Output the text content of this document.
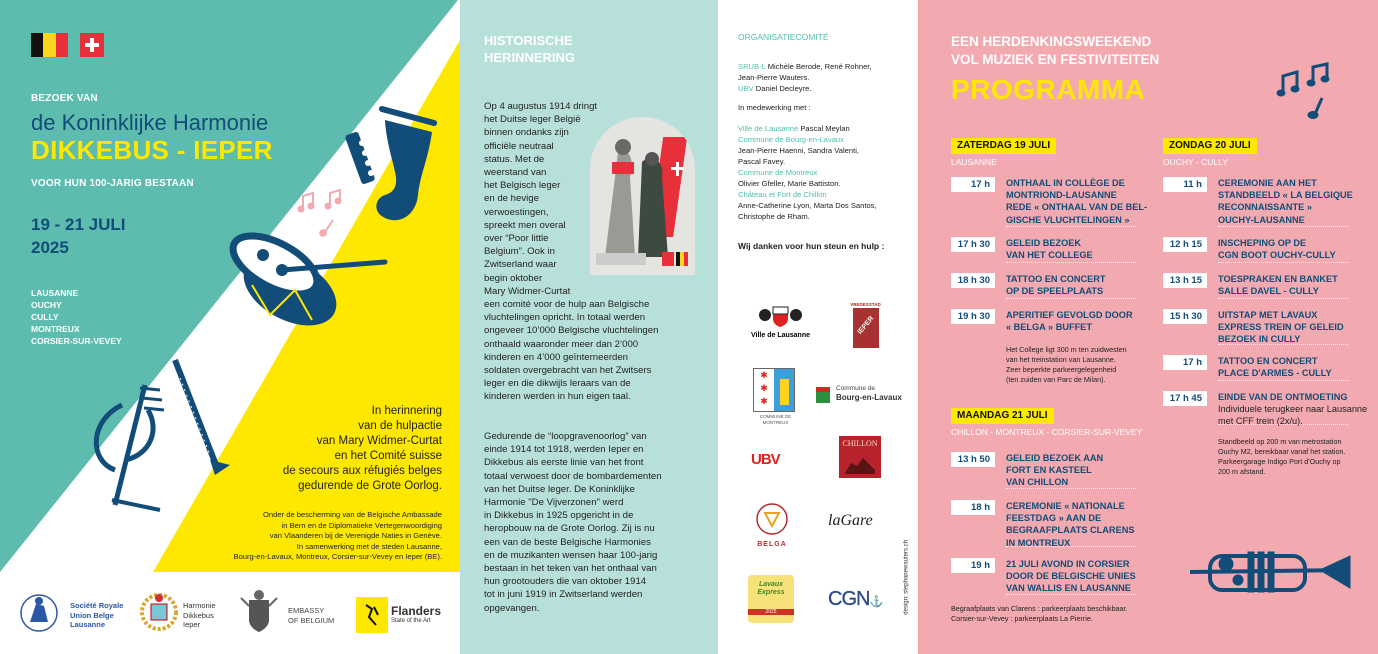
BEZOEK VAN
de Koninklijke Harmonie
DIKKEBUS - IEPER
VOOR HUN 100-JARIG BESTAAN
19 - 21 JULI
2025
LAUSANNE
OUCHY
CULLY
MONTREUX
CORSIER-SUR-VEVEY
In herinnering
van de hulpactie
van Mary Widmer-Curtat
en het Comité suisse
de secours aux réfugiés belges
gedurende de Grote Oorlog.
Onder de bescherming van de Belgische Ambassade
in Bern en de Diplomatieke Vertegenwoordiging
van Vlaanderen bij de Verenigde Naties in Genève.
In samenwerking met de steden Lausanne,
Bourg-en-Lavaux, Montreux, Corsier-sur-Vevey en Ieper (BE).
Société Royale
Union Belge
Lausanne
Harmonie
Dikkebus
Ieper
EMBASSY
OF BELGIUM
Flanders
State of the Art
HISTORISCHE
HERINNERING
Op 4 augustus 1914 dringt
het Duitse leger België
binnen ondanks zijn
officiële neutraal
status. Met de
weerstand van
het Belgisch leger
en de hevige
verwoestingen,
spreekt men overal
over “Poor little
Belgium”. Ook in
Zwitserland waar
begin oktober
Mary Widmer-Curtat
een comité voor de hulp aan Belgische
vluchtelingen opricht. In totaal werden
ongeveer 10’000 Belgische vluchtelingen
onthaald waaronder meer dan 2’000
kinderen en 4’000 geïnterneerden
soldaten overgebracht van het Zwitsers
leger en die dikwijls leraars van de
kinderen werden in hun eigen taal.
Gedurende de “loopgravenoorlog” van
einde 1914 tot 1918, werden Ieper en
Dikkebus als eerste linie van het front
totaal verwoest door de bombardementen
van het Duitse leger. De Koninklijke
Harmonie "De Vijverzonen" werd
in Dikkebus in 1925 opgericht in de
heropbouw na de Grote Oorlog. Zij is nu
een van de beste Belgische Harmonies
en de muzikanten wensen haar 100-jarig
bestaan in het teken van het onthaal van
hun grootouders die van oktober 1914
tot in juni 1919 in Zwitserland werden
opgevangen.
ORGANISATIECOMITÉ
SRUB-L Michèle Berode, René Rohner,
Jean-Pierre Wauters.
UBV Daniel Decleyre.
In medewerking met :
Ville de Lausanne Pascal Meylan
Commune de Bourg-en-Lavaux
Jean-Pierre Haenni, Sandra Valenti,
Pascal Favey.
Commune de Montreux
Olivier Gfeller, Marie Battiston.
Château et Fort de Chillon
Anne-Catherine Lyon, Marta Dos Santos,
Christophe de Rham.
Wij danken voor hun steun en hulp :
Ville de Lausanne
VREDESSTAD
IEPER
✱
✱
✱
COMMUNE DE MONTREUX
Commune de
Bourg-en-Lavaux
UBV
CHILLON
BELGA
laGare
Lavaux Express
2025
CGN⚓	design: stephanewauters.ch
EEN HERDENKINGSWEEKEND
VOL MUZIEK EN FESTIVITEITEN
PROGRAMMA
ZATERDAG 19 JULI
LAUSANNE
17 h	ONTHAAL IN COLLÈGE DE
MONTRIOND-LAUSANNE
REDE « ONTHAAL VAN DE BEL-
GISCHE VLUCHTELINGEN »
17 h 30	GELEID BEZOEK
VAN HET COLLEGE
18 h 30	TATTOO EN CONCERT
OP DE SPEELPLAATS
19 h 30	APERITIEF GEVOLGD DOOR
« BELGA » BUFFET
Het College ligt 300 m ten zuidwesten
van het treinstation van Lausanne.
Zeer beperkte parkeergelegenheid
(ten zuiden van Parc de Milan).
ZONDAG 20 JULI
OUCHY - CULLY
11 h	CEREMONIE AAN HET
STANDBEELD « LA BELGIQUE
RECONNAISSANTE »
OUCHY-LAUSANNE
12 h 15	INSCHEPING OP DE
CGN BOOT OUCHY-CULLY
13 h 15	TOESPRAKEN EN BANKET
SALLE DAVEL - CULLY
15 h 30	UITSTAP MET LAVAUX
EXPRESS TREIN OF GELEID
BEZOEK IN CULLY
17 h	TATTOO EN CONCERT
PLACE D'ARMES - CULLY
17 h 45	EINDE VAN DE ONTMOETING
Individuele terugkeer naar Lausanne
met CFF trein (2x/u).
Standbeeld op 200 m van metrostation
Ouchy M2, bereikbaar vanaf het station.
Parkeergarage Indigo Port d'Ouchy op
200 m afstand.
MAANDAG 21 JULI
CHILLON - MONTREUX - CORSIER-SUR-VEVEY
13 h 50	GELEID BEZOEK AAN
FORT EN KASTEEL
VAN CHILLON
18 h	CEREMONIE « NATIONALE
FEESTDAG » AAN DE
BEGRAAFPLAATS CLARENS
IN MONTREUX
19 h	21 JULI AVOND IN CORSIER
DOOR DE BELGISCHE UNIES
VAN WALLIS EN LAUSANNE
Begraafplaats van Clarens : parkeerplaats beschikbaar.
Corsier-sur-Vevey : parkeerplaats La Pierrie.
